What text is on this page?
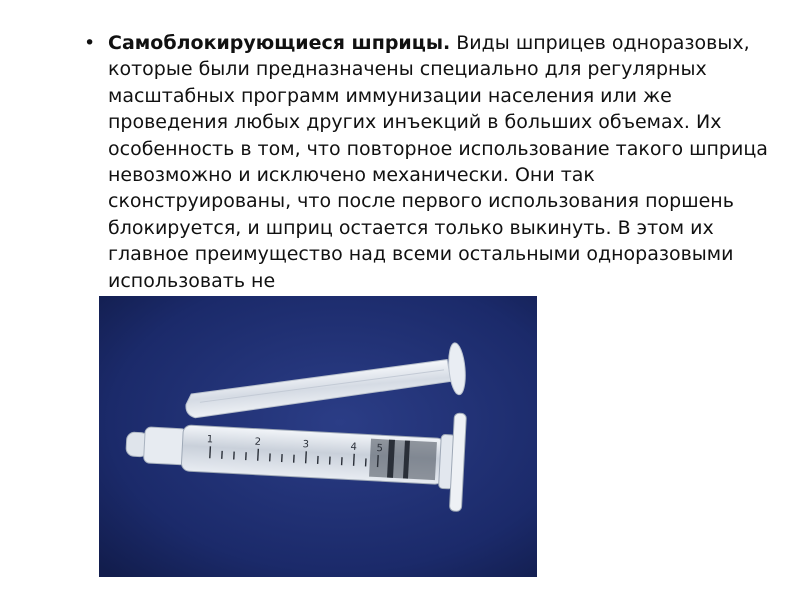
• Самоблокирующиеся шприцы. Виды шприцев одноразовых, которые были предназначены специально для регулярных масштабных программ иммунизации населения или же проведения любых других инъекций в больших объемах. Их особенность в том, что повторное использование такого шприца невозможно и исключено механически. Они так сконструированы, что после первого использования поршень блокируется, и шприц остается только выкинуть. В этом их главное преимущество над всеми остальными одноразовыми использовать не
1	2	3	4 5
